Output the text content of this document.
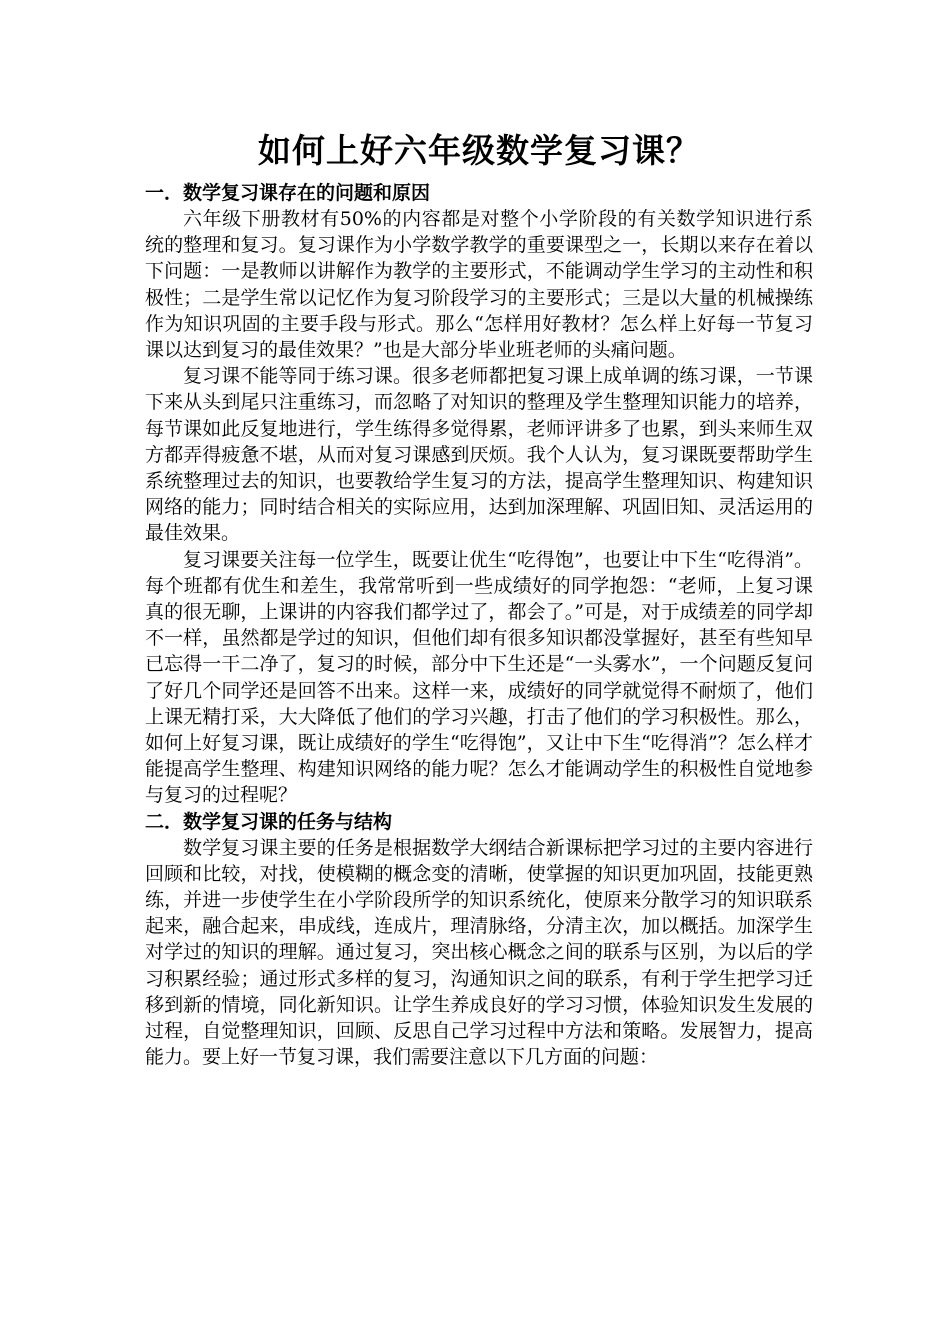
如何上好六年级数学复习课？
一．数学复习课存在的问题和原因

六年级下册教材有50%的内容都是对整个小学阶段的有关数学知识进行系统的整理和复习。复习课作为小学数学教学的重要课型之一，长期以来存在着以下问题：一是教师以讲解作为教学的主要形式，不能调动学生学习的主动性和积极性；二是学生常以记忆作为复习阶段学习的主要形式；三是以大量的机械操练作为知识巩固的主要手段与形式。那么“怎样用好教材？怎么样上好每一节复习课以达到复习的最佳效果？”也是大部分毕业班老师的头痛问题。

复习课不能等同于练习课。很多老师都把复习课上成单调的练习课，一节课下来从头到尾只注重练习，而忽略了对知识的整理及学生整理知识能力的培养，每节课如此反复地进行，学生练得多觉得累，老师评讲多了也累，到头来师生双方都弄得疲惫不堪，从而对复习课感到厌烦。我个人认为，复习课既要帮助学生系统整理过去的知识，也要教给学生复习的方法，提高学生整理知识、构建知识网络的能力；同时结合相关的实际应用，达到加深理解、巩固旧知、灵活运用的最佳效果。

复习课要关注每一位学生，既要让优生“吃得饱”，也要让中下生“吃得消”。每个班都有优生和差生，我常常听到一些成绩好的同学抱怨：“老师，上复习课真的很无聊，上课讲的内容我们都学过了，都会了。”可是，对于成绩差的同学却不一样，虽然都是学过的知识，但他们却有很多知识都没掌握好，甚至有些知早已忘得一干二净了，复习的时候，部分中下生还是“一头雾水”，一个问题反复问了好几个同学还是回答不出来。这样一来，成绩好的同学就觉得不耐烦了，他们上课无精打采，大大降低了他们的学习兴趣，打击了他们的学习积极性。那么，如何上好复习课，既让成绩好的学生“吃得饱”，又让中下生“吃得消”？怎么样才能提高学生整理、构建知识网络的能力呢？怎么才能调动学生的积极性自觉地参与复习的过程呢？

二．数学复习课的任务与结构

数学复习课主要的任务是根据数学大纲结合新课标把学习过的主要内容进行回顾和比较，对找，使模糊的概念变的清晰，使掌握的知识更加巩固，技能更熟练，并进一步使学生在小学阶段所学的知识系统化，使原来分散学习的知识联系起来，融合起来，串成线，连成片，理清脉络，分清主次，加以概括。加深学生对学过的知识的理解。通过复习，突出核心概念之间的联系与区别，为以后的学习积累经验；通过形式多样的复习，沟通知识之间的联系，有利于学生把学习迁移到新的情境，同化新知识。让学生养成良好的学习习惯，体验知识发生发展的过程，自觉整理知识，回顾、反思自己学习过程中方法和策略。发展智力，提高能力。要上好一节复习课，我们需要注意以下几方面的问题：
